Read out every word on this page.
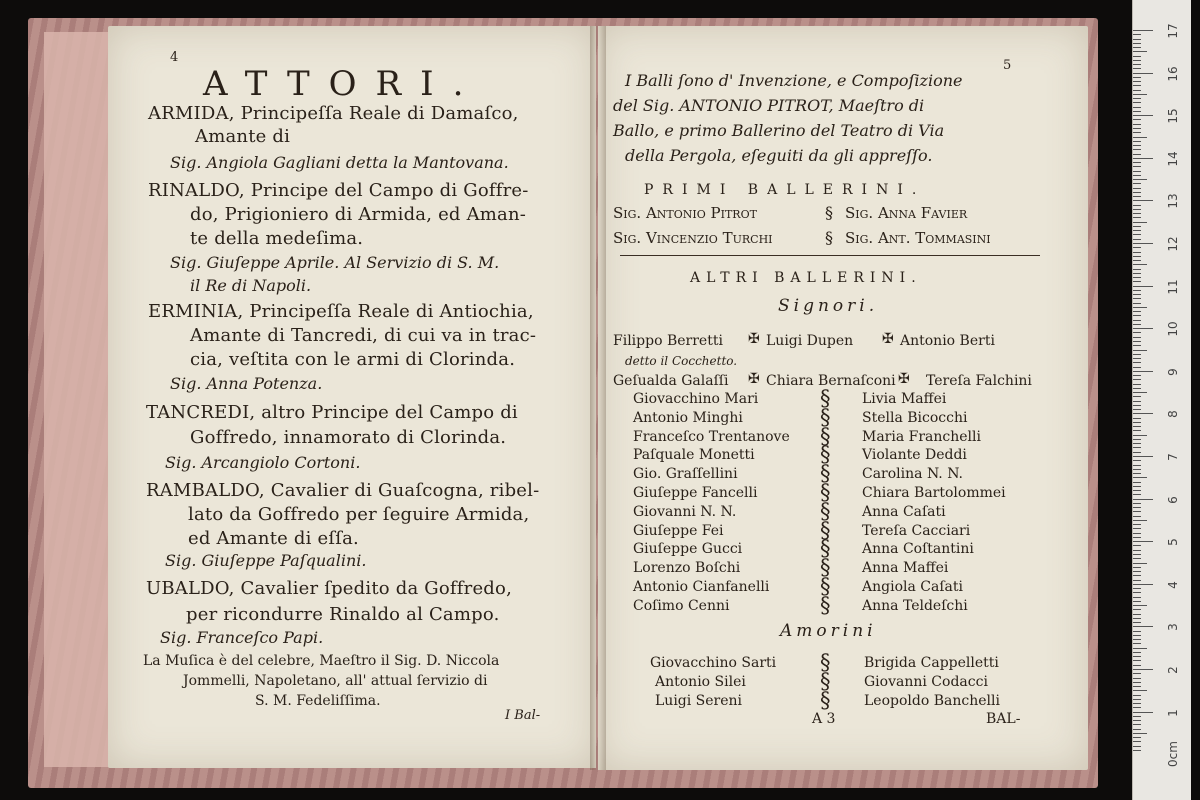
4
ATTORI.
ARMIDA, Principeſſa Reale di Damaſco,
Amante di
Sig. Angiola Gagliani detta la Mantovana.
RINALDO, Principe del Campo di Goffre-
do, Prigioniero di Armida, ed Aman-
te della medeſima.
Sig. Giuſeppe Aprile. Al Servizio di S. M.
il Re di Napoli.
ERMINIA, Principeſſa Reale di Antiochia,
Amante di Tancredi, di cui va in trac-
cia, veſtita con le armi di Clorinda.
Sig. Anna Potenza.
TANCREDI, altro Principe del Campo di
Goffredo, innamorato di Clorinda.
Sig. Arcangiolo Cortoni.
RAMBALDO, Cavalier di Guaſcogna, ribel-
lato da Goffredo per ſeguire Armida,
ed Amante di eſſa.
Sig. Giuſeppe Paſqualini.
UBALDO, Cavalier ſpedito da Goffredo,
per ricondurre Rinaldo al Campo.
Sig. Franceſco Papi.
La Muſica è del celebre, Maeſtro il Sig. D. Niccola
Jommelli, Napoletano, all' attual ſervizio di
S. M. Fedeliſſima.
I Bal-
5
I Balli ſono d' Invenzione, e Compoſizione
del Sig. ANTONIO PITROT, Maeſtro di
Ballo, e primo Ballerino del Teatro di Via
della Pergola, eſeguiti da gli appreſſo.
PRIMI BALLERINI.
Sig. Antonio Pitrot	§ Sig. Anna Favier
Sig. Vincenzio Turchi	§ Sig. Ant. Tommasini
ALTRI BALLERINI.
Signori.
Filippo Berretti ✠ Luigi Dupen ✠ Antonio Berti
detto il Cocchetto.
Geſualda Galaſſi ✠ Chiara Bernaſconi ✠ Tereſa Falchini
Giovacchino Mari	§ Livia Maffei
Antonio Minghi	§ Stella Bicocchi
Franceſco Trentanove § Maria Franchelli
Paſquale Monetti	§ Violante Deddi
Gio. Graſſellini	§ Carolina N. N.
Giuſeppe Fancelli	§ Chiara Bartolommei
Giovanni N. N.	§ Anna Caſati
Giuſeppe Fei	§ Tereſa Cacciari
Giuſeppe Gucci	§ Anna Coſtantini
Lorenzo Boſchi	§ Anna Maffei
Antonio Cianfanelli § Angiola Caſati
Coſimo Cenni	§ Anna Teldeſchi
Amorini
Giovacchino Sarti § Brigida Cappelletti
Antonio Silei	§ Giovanni Codacci
Luigi Sereni	§ Leopoldo Banchelli
A 3	BAL-
17
16
15
14
13
12
11
10
9
8
7
6
5
4
3
2
1
0cm
